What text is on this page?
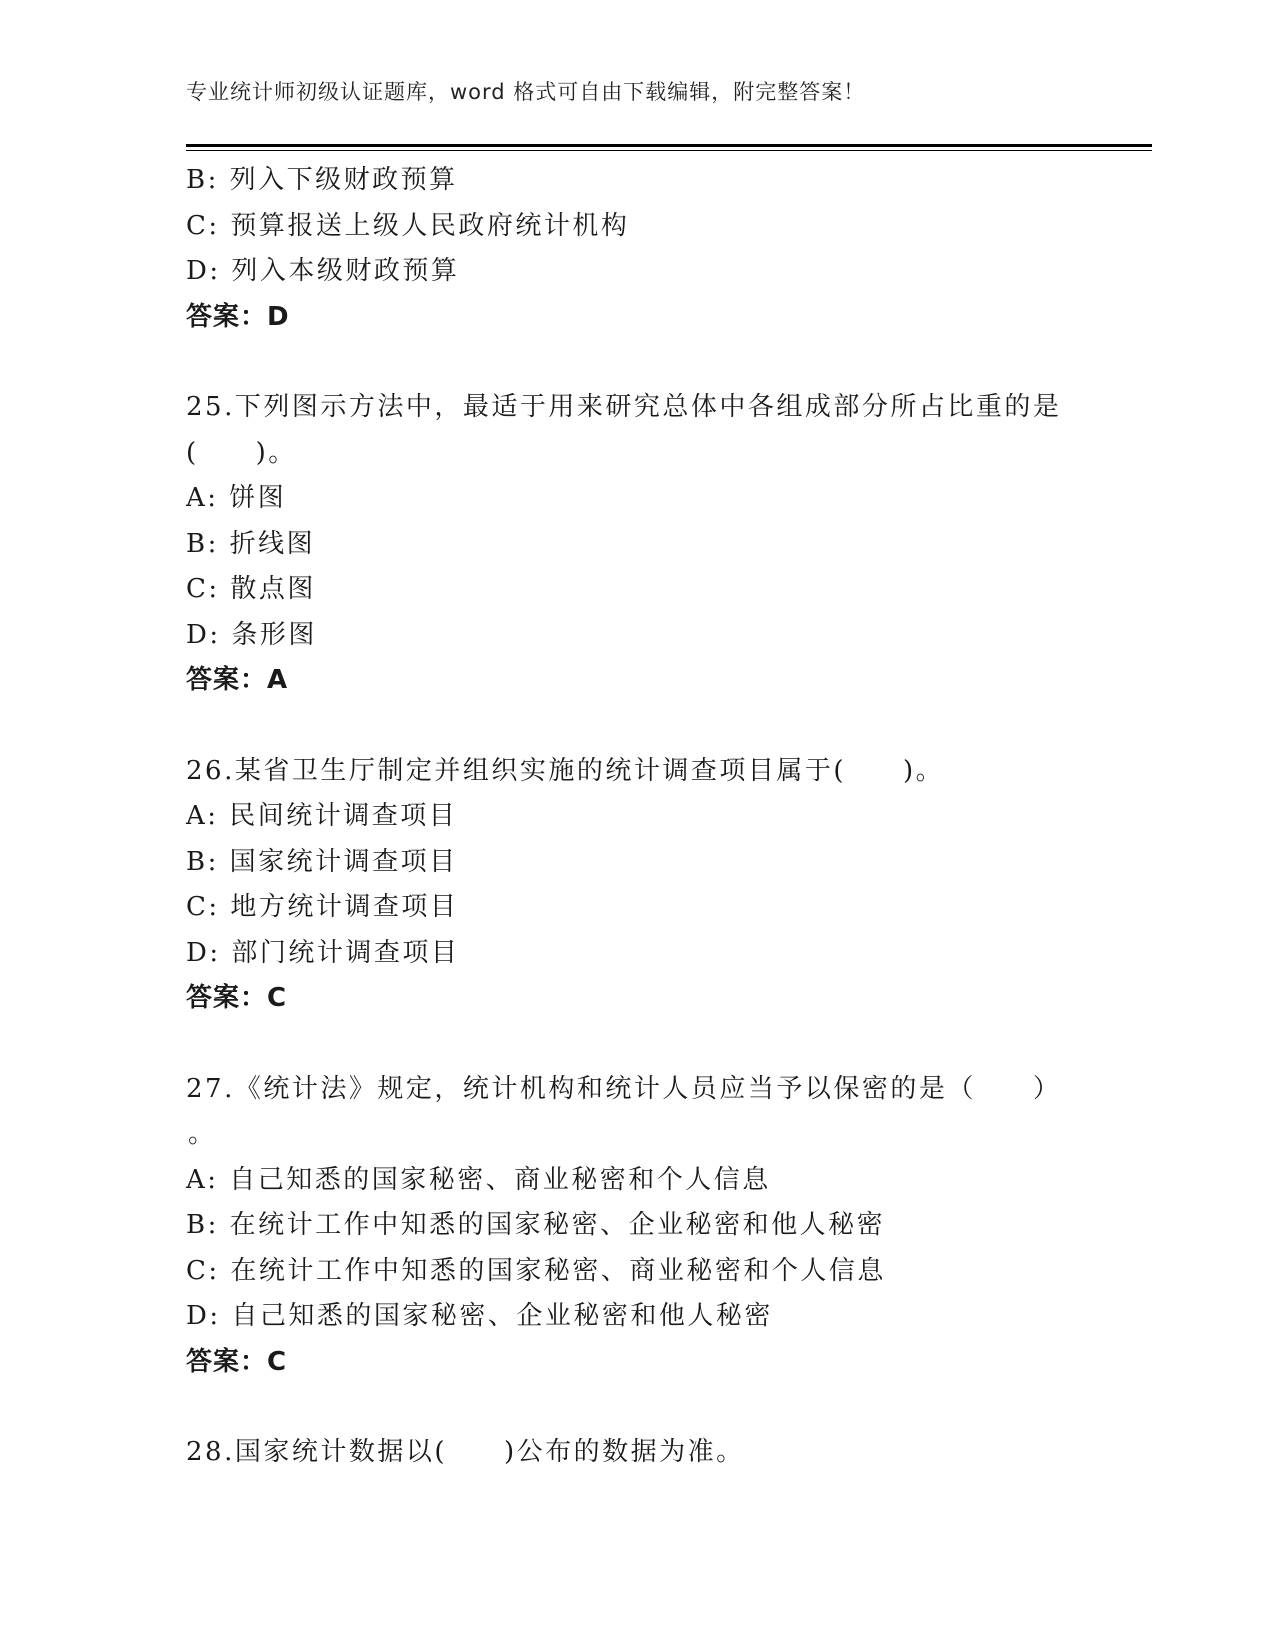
专业统计师初级认证题库，word 格式可自由下载编辑，附完整答案！
B: 列入下级财政预算
C: 预算报送上级人民政府统计机构
D: 列入本级财政预算
答案：D
25.下列图示方法中，最适于用来研究总体中各组成部分所占比重的是
(　　)。
A: 饼图
B: 折线图
C: 散点图
D: 条形图
答案：A
26.某省卫生厅制定并组织实施的统计调查项目属于(　　)。
A: 民间统计调查项目
B: 国家统计调查项目
C: 地方统计调查项目
D: 部门统计调查项目
答案：C
27.《统计法》规定，统计机构和统计人员应当予以保密的是（　　）
。
A: 自己知悉的国家秘密、商业秘密和个人信息
B: 在统计工作中知悉的国家秘密、企业秘密和他人秘密
C: 在统计工作中知悉的国家秘密、商业秘密和个人信息
D: 自己知悉的国家秘密、企业秘密和他人秘密
答案：C
28.国家统计数据以(　　)公布的数据为准。
